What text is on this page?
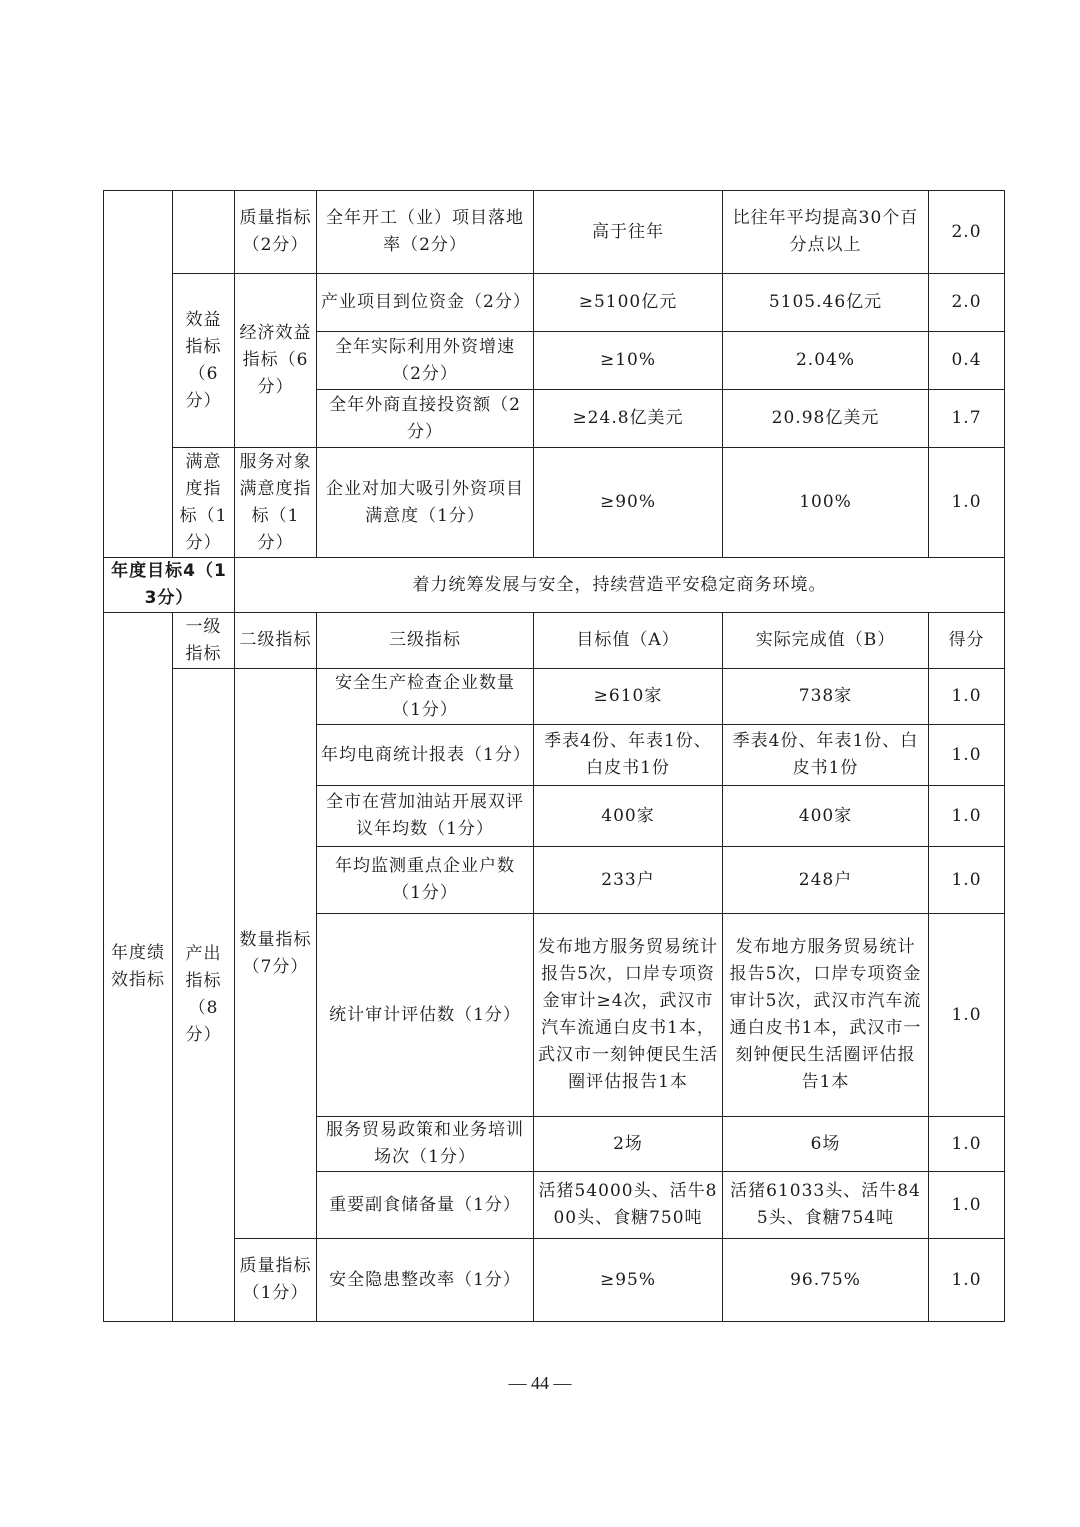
		质量指标（2分）	全年开工（业）项目落地率（2分）	高于往年	比往年平均提高30个百分点以上	2.0
	效益指标（6分）	经济效益指标（6分）	产业项目到位资金（2分）	≥5100亿元	5105.46亿元	2.0
			全年实际利用外资增速（2分）	≥10%	2.04%	0.4
			全年外商直接投资额（2分）	≥24.8亿美元	20.98亿美元	1.7
	满意度指标（1分）	服务对象满意度指标（1分）	企业对加大吸引外资项目满意度（1分）	≥90%	100%	1.0
年度目标4（13分）		着力统筹发展与安全，持续营造平安稳定商务环境。				
年度绩效指标	一级指标	二级指标	三级指标	目标值（A）	实际完成值（B）	得分
	产出指标（8分）	数量指标（7分）	安全生产检查企业数量（1分）	≥610家	738家	1.0
			年均电商统计报表（1分）	季表4份、年表1份、白皮书1份	季表4份、年表1份、白皮书1份	1.0
			全市在营加油站开展双评议年均数（1分）	400家	400家	1.0
			年均监测重点企业户数（1分）	233户	248户	1.0
			统计审计评估数（1分）	发布地方服务贸易统计报告5次，口岸专项资金审计≥4次，武汉市汽车流通白皮书1本，武汉市一刻钟便民生活圈评估报告1本	发布地方服务贸易统计报告5次，口岸专项资金审计5次，武汉市汽车流通白皮书1本，武汉市一刻钟便民生活圈评估报告1本	1.0
			服务贸易政策和业务培训场次（1分）	2场	6场	1.0
			重要副食储备量（1分）	活猪54000头、活牛800头、食糖750吨	活猪61033头、活牛845头、食糖754吨	1.0
		质量指标（1分）	安全隐患整改率（1分）	≥95%	96.75%	1.0
— 44 —
